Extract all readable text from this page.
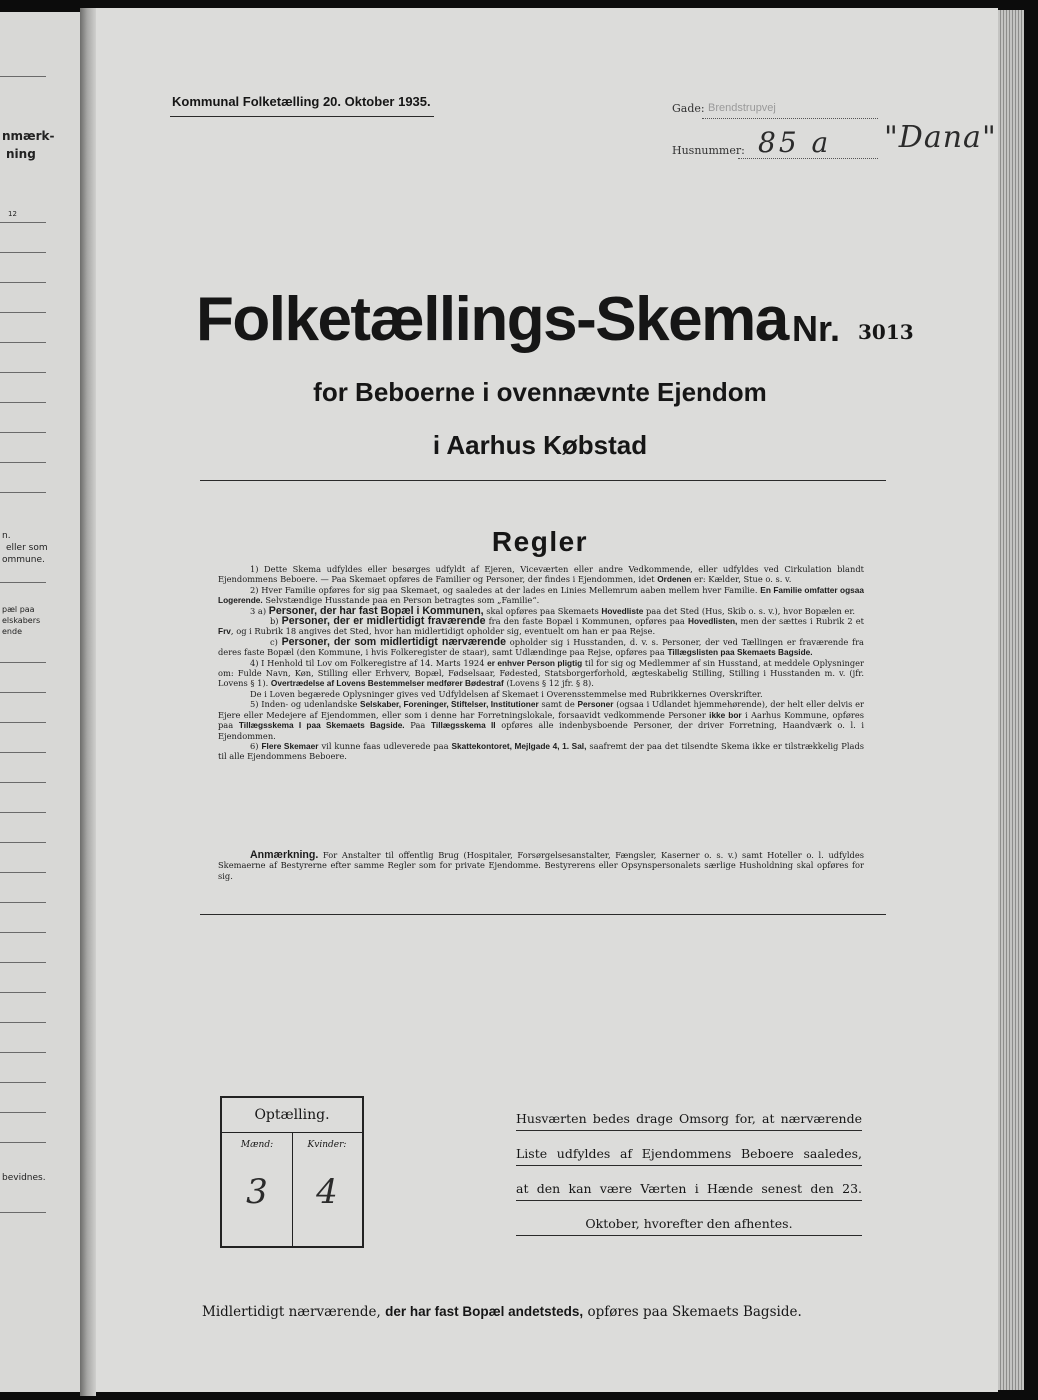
nmærk-
ning
12
n.
eller som
ommune.
pæl paa
elskabers
ende
bevidnes.
Kommunal Folketælling 20. Oktober 1935.	Gade: Brendstrupvej
Husnummer: 85 a "Dana"
Folketællings-Skema Nr. 3013
for Beboerne i ovennævnte Ejendom
i Aarhus Købstad
Regler

1) Dette Skema udfyldes eller besørges udfyldt af Ejeren, Viceværten eller andre Vedkommende, eller udfyldes ved Cirkulation blandt Ejendommens Beboere. — Paa Skemaet opføres de Familier og Personer, der findes i Ejendommen, idet Ordenen er: Kælder, Stue o. s. v.

2) Hver Familie opføres for sig paa Skemaet, og saaledes at der lades en Linies Mellemrum aaben mellem hver Familie. En Familie omfatter ogsaa Logerende. Selvstændige Husstande paa en Person betragtes som „Familie“.

3 a) Personer, der har fast Bopæl i Kommunen, skal opføres paa Skemaets Hovedliste paa det Sted (Hus, Skib o. s. v.), hvor Bopælen er.

b) Personer, der er midlertidigt fraværende fra den faste Bopæl i Kommunen, opføres paa Hovedlisten, men der sættes i Rubrik 2 et Frv, og i Rubrik 18 angives det Sted, hvor han midlertidigt opholder sig, eventuelt om han er paa Rejse.

c) Personer, der som midlertidigt nærværende opholder sig i Husstanden, d. v. s. Personer, der ved Tællingen er fraværende fra deres faste Bopæl (den Kommune, i hvis Folkeregister de staar), samt Udlændinge paa Rejse, opføres paa Tillægslisten paa Skemaets Bagside.

4) I Henhold til Lov om Folkeregistre af 14. Marts 1924 er enhver Person pligtig til for sig og Medlemmer af sin Husstand, at meddele Oplysninger om: Fulde Navn, Køn, Stilling eller Erhverv, Bopæl, Fødselsaar, Fødested, Statsborgerforhold, ægteskabelig Stilling, Stilling i Husstanden m. v. (jfr. Lovens § 1). Overtrædelse af Lovens Bestemmelser medfører Bødestraf (Lovens § 12 jfr. § 8).

De i Loven begærede Oplysninger gives ved Udfyldelsen af Skemaet i Overensstemmelse med Rubrikkernes Overskrifter.

5) Inden- og udenlandske Selskaber, Foreninger, Stiftelser, Institutioner samt de Personer (ogsaa i Udlandet hjemmehørende), der helt eller delvis er Ejere eller Medejere af Ejendommen, eller som i denne har Forretningslokale, forsaavidt vedkommende Personer ikke bor i Aarhus Kommune, opføres paa Tillægsskema I paa Skemaets Bagside. Paa Tillægsskema II opføres alle indenbysboende Personer, der driver Forretning, Haandværk o. l. i Ejendommen.

6) Flere Skemaer vil kunne faas udleverede paa Skattekontoret, Mejlgade 4, 1. Sal, saafremt der paa det tilsendte Skema ikke er tilstrækkelig Plads til alle Ejendommens Beboere.

Anmærkning. For Anstalter til offentlig Brug (Hospitaler, Forsørgelsesanstalter, Fængsler, Kaserner o. s. v.) samt Hoteller o. l. udfyldes Skemaerne af Bestyrerne efter samme Regler som for private Ejendomme. Bestyrerens eller Opsynspersonalets særlige Husholdning skal opføres for sig.
Optælling.
Mænd:
3
Kvinder:
4
Husværten bedes drage Omsorg for, at nærværende
Liste udfyldes af Ejendommens Beboere saaledes,
at den kan være Værten i Hænde senest den 23.
Oktober, hvorefter den afhentes.
Midlertidigt nærværende, der har fast Bopæl andetsteds, opføres paa Skemaets Bagside.
